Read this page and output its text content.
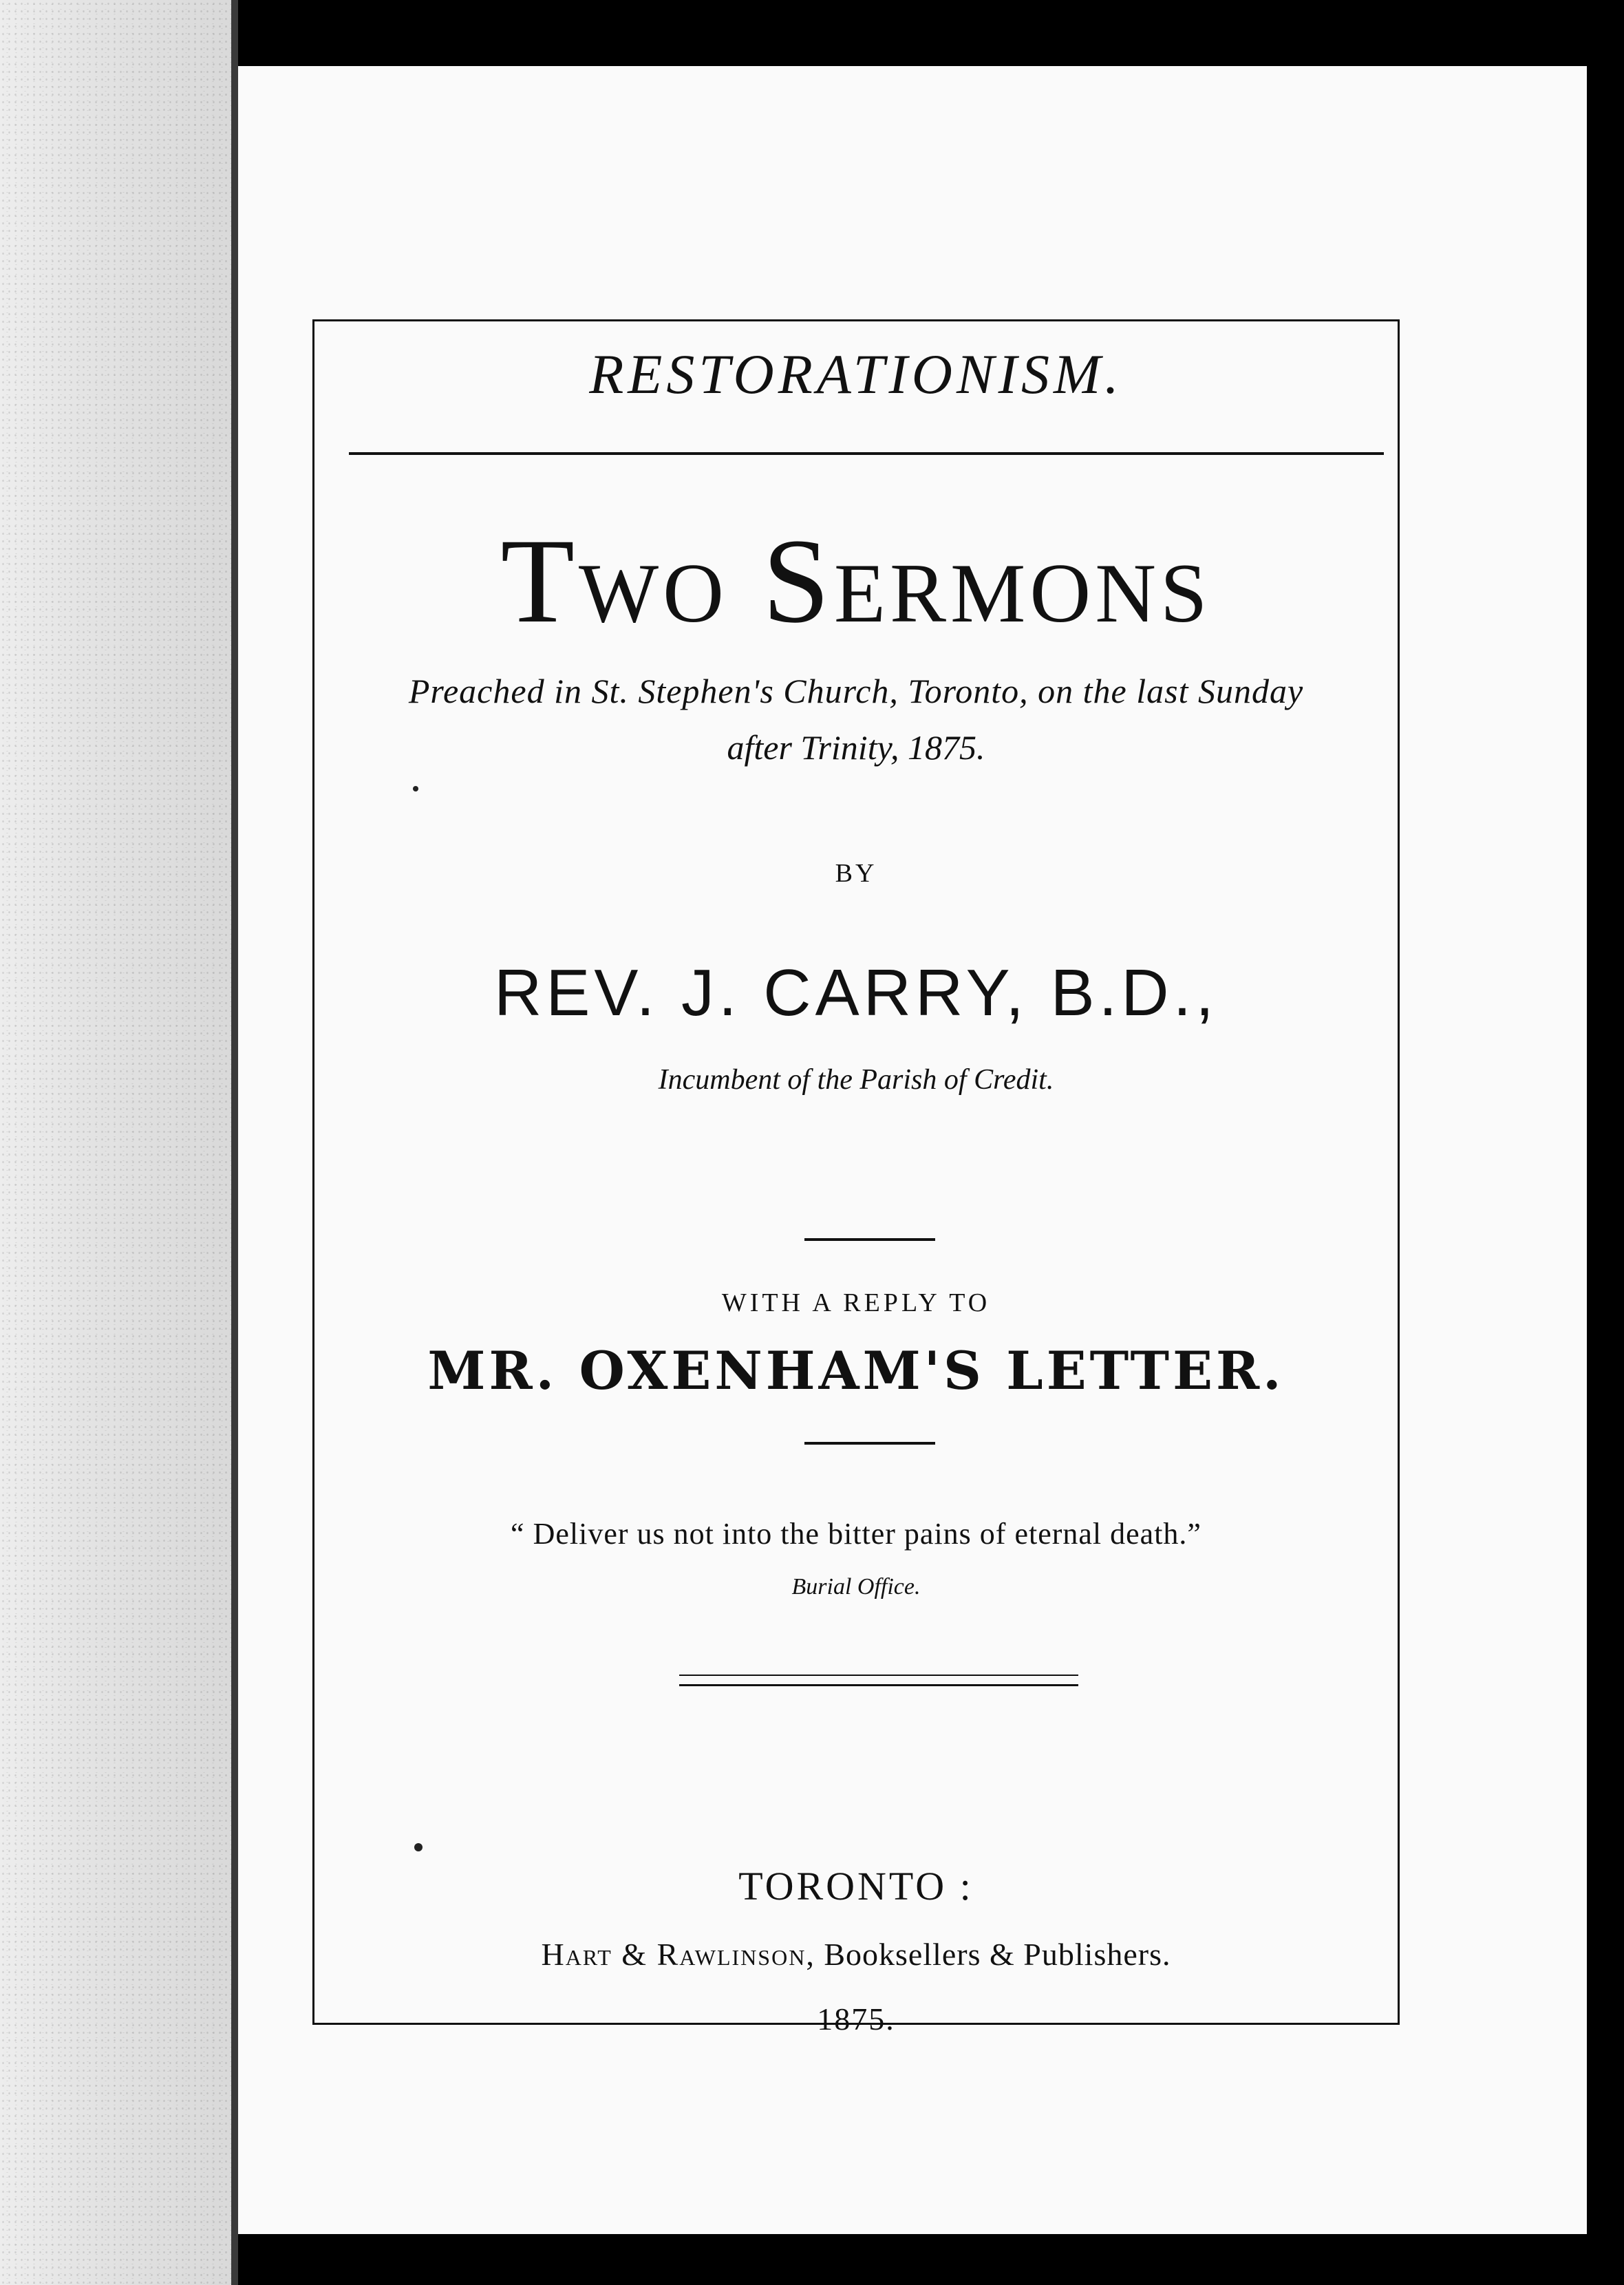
RESTORATIONISM.
Two Sermons
Preached in St. Stephen's Church, Toronto, on the last Sunday
after Trinity, 1875.
BY
REV. J. CARRY, B.D.,
Incumbent of the Parish of Credit.
WITH A REPLY TO
MR. OXENHAM'S LETTER.
“ Deliver us not into the bitter pains of eternal death.”
Burial Office.
TORONTO :
Hart & Rawlinson, Booksellers & Publishers.
1875.
